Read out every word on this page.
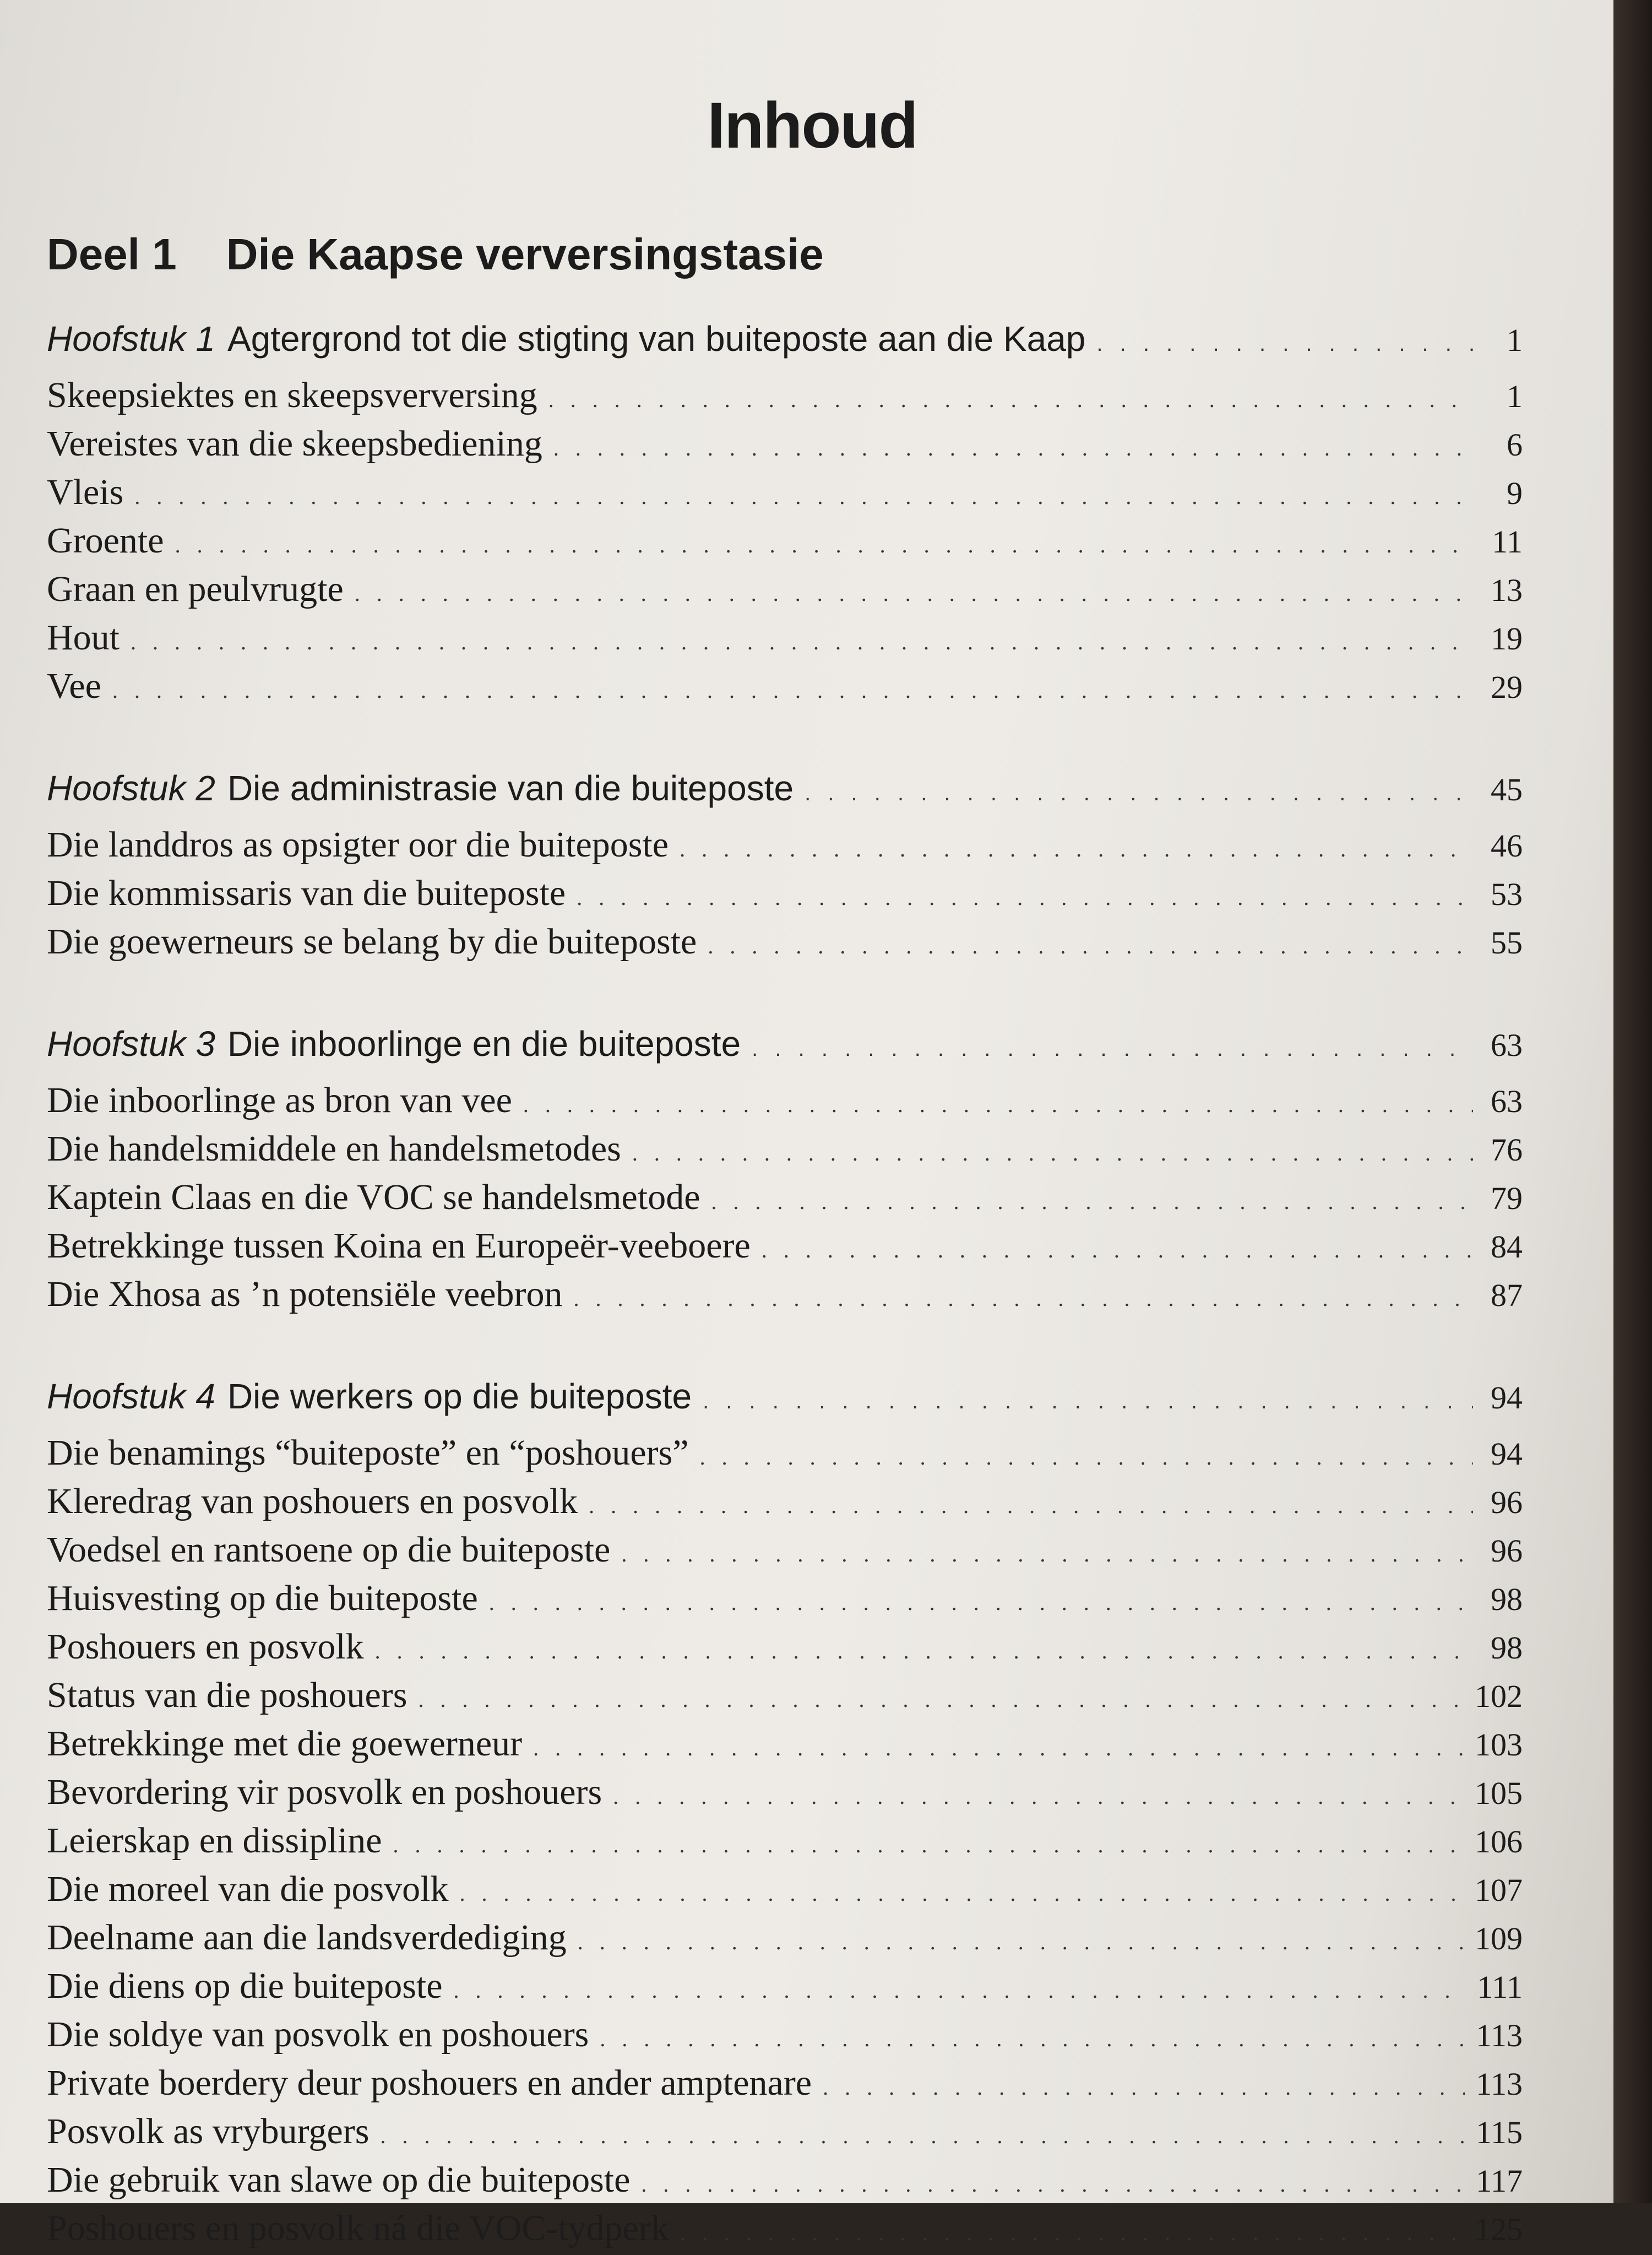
Inhoud
Deel 1 Die Kaapse verversingstasie
Hoofstuk 1 Agtergrond tot die stigting van buiteposte aan die Kaap . . .	1
Skeepsiektes en skeepsverversing . . .	1
Vereistes van die skeepsbediening . . .	6
Vleis . . .	9
Groente . . .	11
Graan en peulvrugte . . .	13
Hout . . .	19
Vee . . .	29
Hoofstuk 2 Die administrasie van die buiteposte . . .	45
Die landdros as opsigter oor die buiteposte . . .	46
Die kommissaris van die buiteposte . . .	53
Die goewerneurs se belang by die buiteposte . . .	55
Hoofstuk 3 Die inboorlinge en die buiteposte . . .	63
Die inboorlinge as bron van vee . . .	63
Die handelsmiddele en handelsmetodes . . .	76
Kaptein Claas en die VOC se handelsmetode . . .	79
Betrekkinge tussen Koina en Europeër-veeboere . . .	84
Die Xhosa as ’n potensiële veebron . . .	87
Hoofstuk 4 Die werkers op die buiteposte . . .	94
Die benamings “buiteposte” en “poshouers” . . .	94
Kleredrag van poshouers en posvolk . . .	96
Voedsel en rantsoene op die buiteposte . . .	96
Huisvesting op die buiteposte . . .	98
Poshouers en posvolk . . .	98
Status van die poshouers . . .	102
Betrekkinge met die goewerneur . . .	103
Bevordering vir posvolk en poshouers . . .	105
Leierskap en dissipline . . .	106
Die moreel van die posvolk . . .	107
Deelname aan die landsverdediging . . .	109
Die diens op die buiteposte . . .	111
Die soldye van posvolk en poshouers . . .	113
Private boerdery deur poshouers en ander amptenare . . .	113
Posvolk as vryburgers . . .	115
Die gebruik van slawe op die buiteposte . . .	117
Poshouers en posvolk ná die VOC-tydperk . . .	125
